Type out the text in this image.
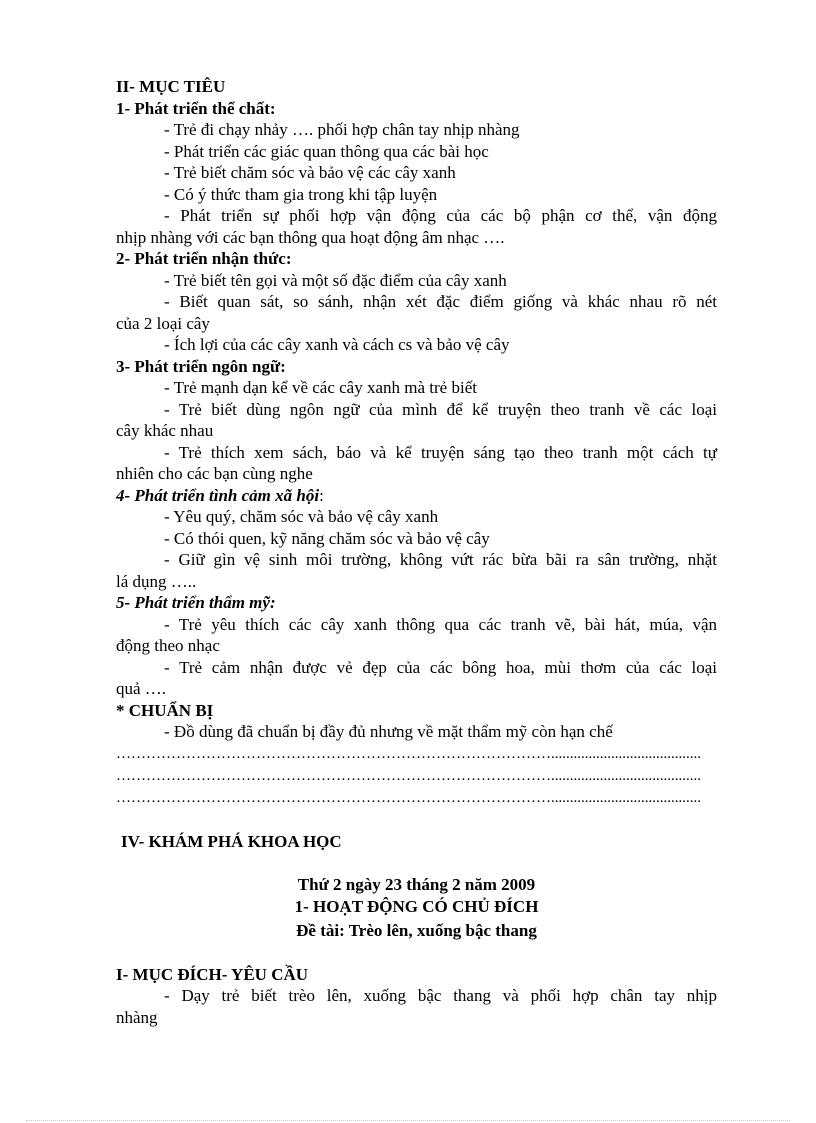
II- MỤC TIÊU
1- Phát triển thể chất:
- Trẻ đi chạy nhảy …. phối hợp chân tay nhịp nhàng
- Phát triển các giác quan thông qua các bài học
- Trẻ biết chăm sóc và bảo vệ các cây xanh
- Có ý thức tham gia trong khi tập luyện
- Phát triển sự phối hợp vận động của các bộ phận cơ thể, vận động
nhịp nhàng với các bạn thông qua hoạt động âm nhạc ….
2- Phát triển nhận thức:
- Trẻ biết tên gọi và một số đặc điểm của cây xanh
- Biết quan sát, so sánh, nhận xét đặc điểm giống và khác nhau rõ nét
của 2 loại cây
- Ích lợi của các cây xanh và cách cs và bảo vệ cây
3- Phát triển ngôn ngữ:
- Trẻ mạnh dạn kể về các cây xanh mà trẻ biết
- Trẻ biết dùng ngôn ngữ của mình để kể truyện theo tranh về các loại
cây khác nhau
- Trẻ thích xem sách, báo và kể truyện sáng tạo theo tranh một cách tự
nhiên cho các bạn cùng nghe
4- Phát triển tình cảm xã hội:
- Yêu quý, chăm sóc và bảo vệ cây xanh
- Có thói quen, kỹ năng chăm sóc và bảo vệ cây
- Giữ gìn vệ sinh môi trường, không vứt rác bừa bãi ra sân trường, nhặt
lá dụng …..
5- Phát triển thẩm mỹ:
- Trẻ yêu thích các cây xanh thông qua các tranh vẽ, bài hát, múa, vận
động theo nhạc
- Trẻ cảm nhận được vẻ đẹp của các bông hoa, mùi thơm của các loại
quả ….
* CHUẨN BỊ
- Đồ dùng đã chuẩn bị đầy đủ nhưng về mặt thẩm mỹ còn hạn chế
……………………………………………………………………………........................................
……………………………………………………………………………........................................
……………………………………………………………………………........................................
IV- KHÁM PHÁ KHOA HỌC
Thứ 2 ngày 23 tháng 2 năm 2009
1- HOẠT ĐỘNG CÓ CHỦ ĐÍCH
Đề tài: Trèo lên, xuống bậc thang
I- MỤC ĐÍCH- YÊU CẦU
- Dạy trẻ biết trèo lên, xuống bậc thang và phối hợp chân tay nhịp
nhàng
